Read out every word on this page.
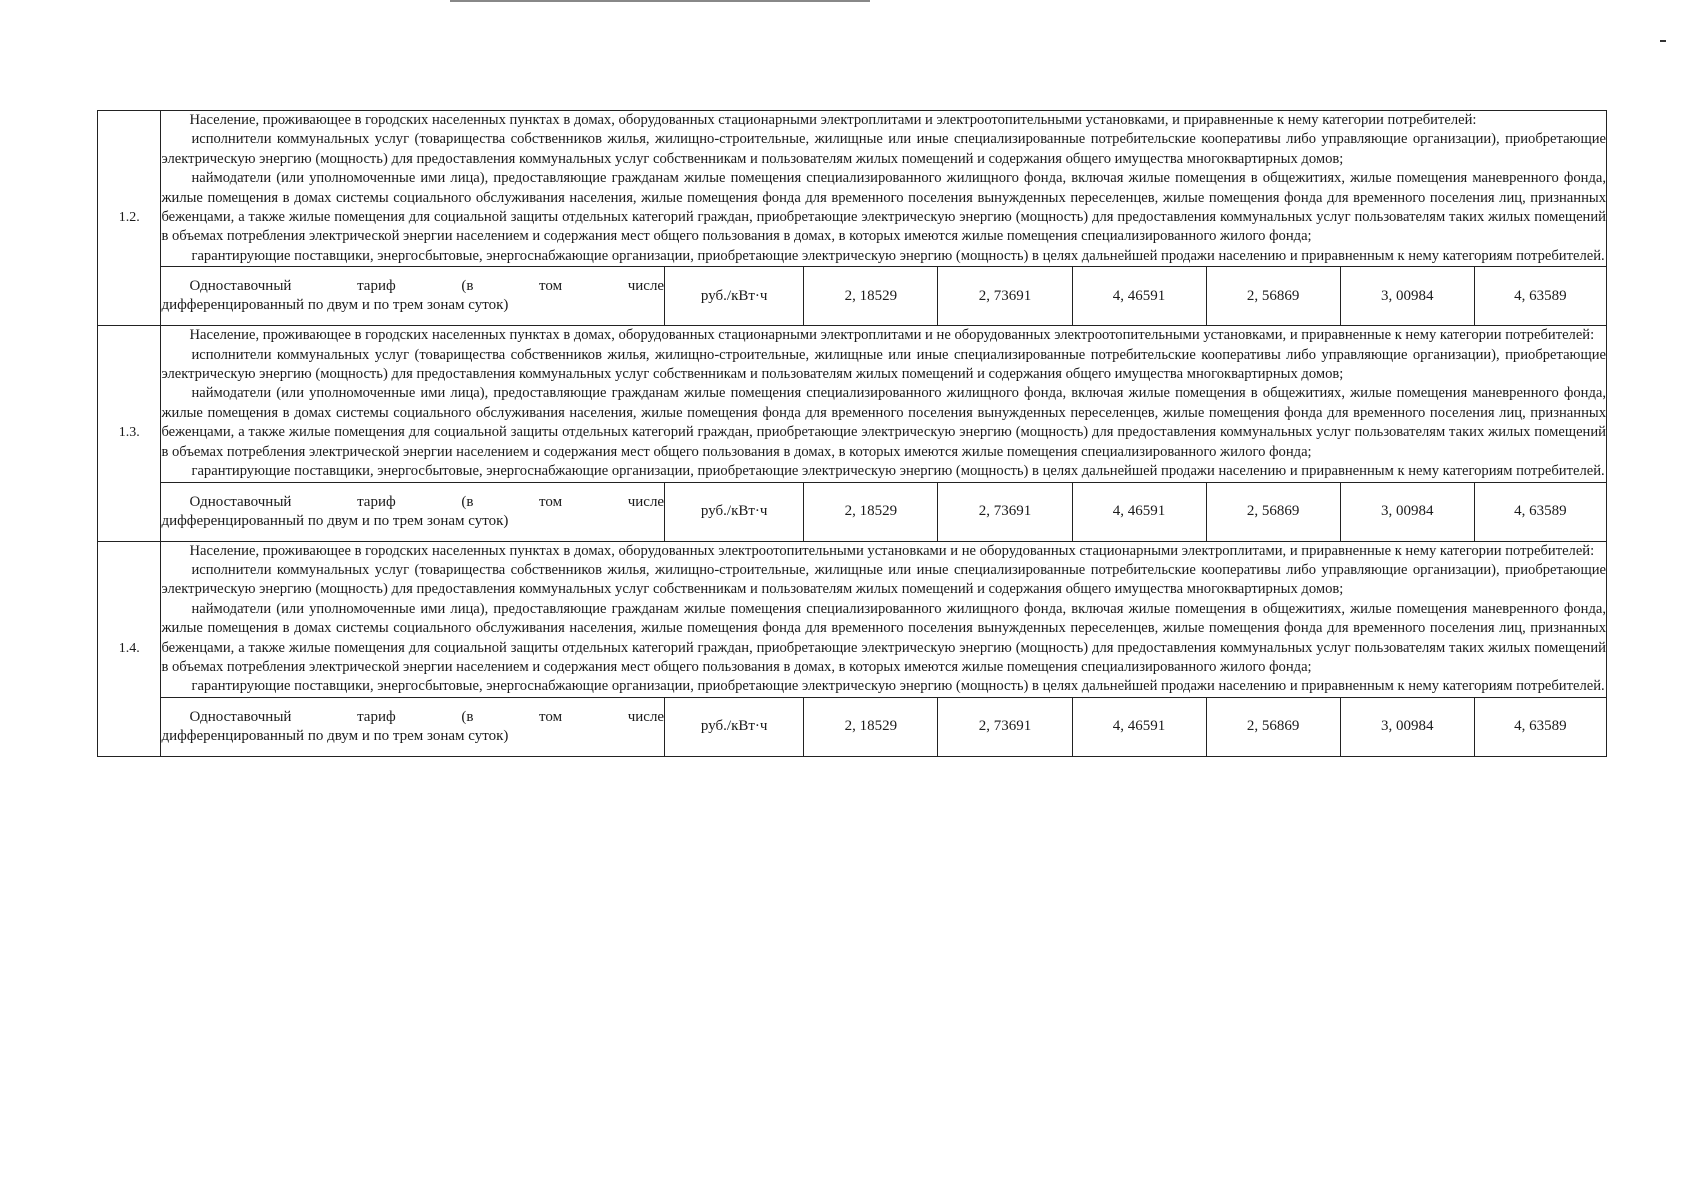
1.2.	Население, проживающее в городских населенных пунктах в домах, оборудованных стационарными электроплитами и электроотопительными установками, и приравненные к нему категории потребителей:

исполнители коммунальных услуг (товарищества собственников жилья, жилищно-строительные, жилищные или иные специализированные потребительские кооперативы либо управляющие организации), приобретающие электрическую энергию (мощность) для предоставления коммунальных услуг собственникам и пользователям жилых помещений и содержания общего имущества многоквартирных домов;

наймодатели (или уполномоченные ими лица), предоставляющие гражданам жилые помещения специализированного жилищного фонда, включая жилые помещения в общежитиях, жилые помещения маневренного фонда, жилые помещения в домах системы социального обслуживания населения, жилые помещения фонда для временного поселения вынужденных переселенцев, жилые помещения фонда для временного поселения лиц, признанных беженцами, а также жилые помещения для социальной защиты отдельных категорий граждан, приобретающие электрическую энергию (мощность) для предоставления коммунальных услуг пользователям таких жилых помещений в объемах потребления электрической энергии населением и содержания мест общего пользования в домах, в которых имеются жилые помещения специализированного жилого фонда;

гарантирующие поставщики, энергосбытовые, энергоснабжающие организации, приобретающие электрическую энергию (мощность) в целях дальнейшей продажи населению и приравненным к нему категориям потребителей.							

	Одноставочный тариф (в том числе
дифференцированный по двум и по трем зонам суток)	руб./кВт·ч	2, 18529	2, 73691	4, 46591	2, 56869	3, 00984	4, 63589
1.3.	Население, проживающее в городских населенных пунктах в домах, оборудованных стационарными электроплитами и не оборудованных электроотопительными установками, и приравненные к нему категории потребителей:

исполнители коммунальных услуг (товарищества собственников жилья, жилищно-строительные, жилищные или иные специализированные потребительские кооперативы либо управляющие организации), приобретающие электрическую энергию (мощность) для предоставления коммунальных услуг собственникам и пользователям жилых помещений и содержания общего имущества многоквартирных домов;

наймодатели (или уполномоченные ими лица), предоставляющие гражданам жилые помещения специализированного жилищного фонда, включая жилые помещения в общежитиях, жилые помещения маневренного фонда, жилые помещения в домах системы социального обслуживания населения, жилые помещения фонда для временного поселения вынужденных переселенцев, жилые помещения фонда для временного поселения лиц, признанных беженцами, а также жилые помещения для социальной защиты отдельных категорий граждан, приобретающие электрическую энергию (мощность) для предоставления коммунальных услуг пользователям таких жилых помещений в объемах потребления электрической энергии населением и содержания мест общего пользования в домах, в которых имеются жилые помещения специализированного жилого фонда;

гарантирующие поставщики, энергосбытовые, энергоснабжающие организации, приобретающие электрическую энергию (мощность) в целях дальнейшей продажи населению и приравненным к нему категориям потребителей.							

	Одноставочный тариф (в том числе
дифференцированный по двум и по трем зонам суток)	руб./кВт·ч	2, 18529	2, 73691	4, 46591	2, 56869	3, 00984	4, 63589
1.4.	Население, проживающее в городских населенных пунктах в домах, оборудованных электроотопительными установками и не оборудованных стационарными электроплитами, и приравненные к нему категории потребителей:

исполнители коммунальных услуг (товарищества собственников жилья, жилищно-строительные, жилищные или иные специализированные потребительские кооперативы либо управляющие организации), приобретающие электрическую энергию (мощность) для предоставления коммунальных услуг собственникам и пользователям жилых помещений и содержания общего имущества многоквартирных домов;

наймодатели (или уполномоченные ими лица), предоставляющие гражданам жилые помещения специализированного жилищного фонда, включая жилые помещения в общежитиях, жилые помещения маневренного фонда, жилые помещения в домах системы социального обслуживания населения, жилые помещения фонда для временного поселения вынужденных переселенцев, жилые помещения фонда для временного поселения лиц, признанных беженцами, а также жилые помещения для социальной защиты отдельных категорий граждан, приобретающие электрическую энергию (мощность) для предоставления коммунальных услуг пользователям таких жилых помещений в объемах потребления электрической энергии населением и содержания мест общего пользования в домах, в которых имеются жилые помещения специализированного жилого фонда;

гарантирующие поставщики, энергосбытовые, энергоснабжающие организации, приобретающие электрическую энергию (мощность) в целях дальнейшей продажи населению и приравненным к нему категориям потребителей.							

	Одноставочный тариф (в том числе
дифференцированный по двум и по трем зонам суток)	руб./кВт·ч	2, 18529	2, 73691	4, 46591	2, 56869	3, 00984	4, 63589
